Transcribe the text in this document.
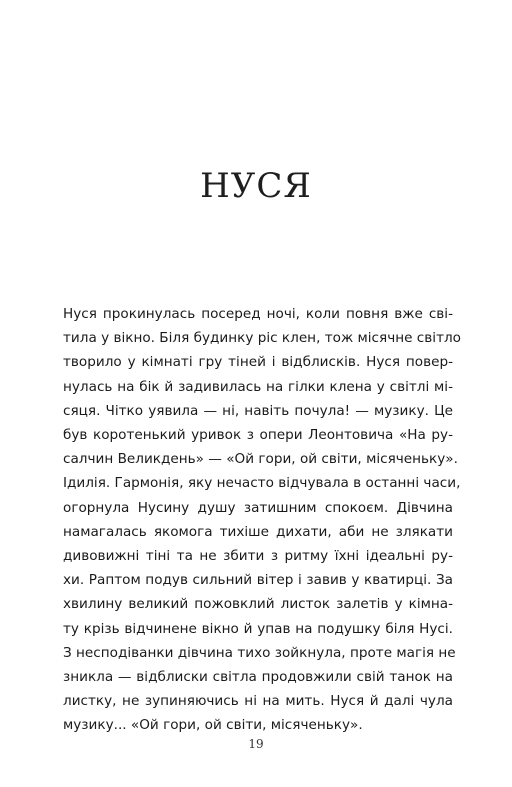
НУСЯ
Нуся прокинулась посеред ночі, коли повня вже сві-
тила у вікно. Біля будинку ріс клен, тож місячне світло
творило у кімнаті гру тіней і відблисків. Нуся повер-
нулась на бік й задивилась на гілки клена у світлі мі-
сяця. Чітко уявила — ні, навіть почула! — музику. Це
був коротенький уривок з опери Леонтовича «На ру-
салчин Великдень» — «Ой гори, ой світи, місяченьку».
Ідилія. Гармонія, яку нечасто відчувала в останні часи,
огорнула Нусину душу затишним спокоєм. Дівчина
намагалась якомога тихіше дихати, аби не злякати
дивовижні тіні та не збити з ритму їхні ідеальні ру-
хи. Раптом подув сильний вітер і завив у кватирці. За
хвилину великий пожовклий листок залетів у кімна-
ту крізь відчинене вікно й упав на подушку біля Нусі.
З несподіванки дівчина тихо зойкнула, проте магія не
зникла — відблиски світла продовжили свій танок на
листку, не зупиняючись ні на мить. Нуся й далі чула
музику... «Ой гори, ой світи, місяченьку».
19
